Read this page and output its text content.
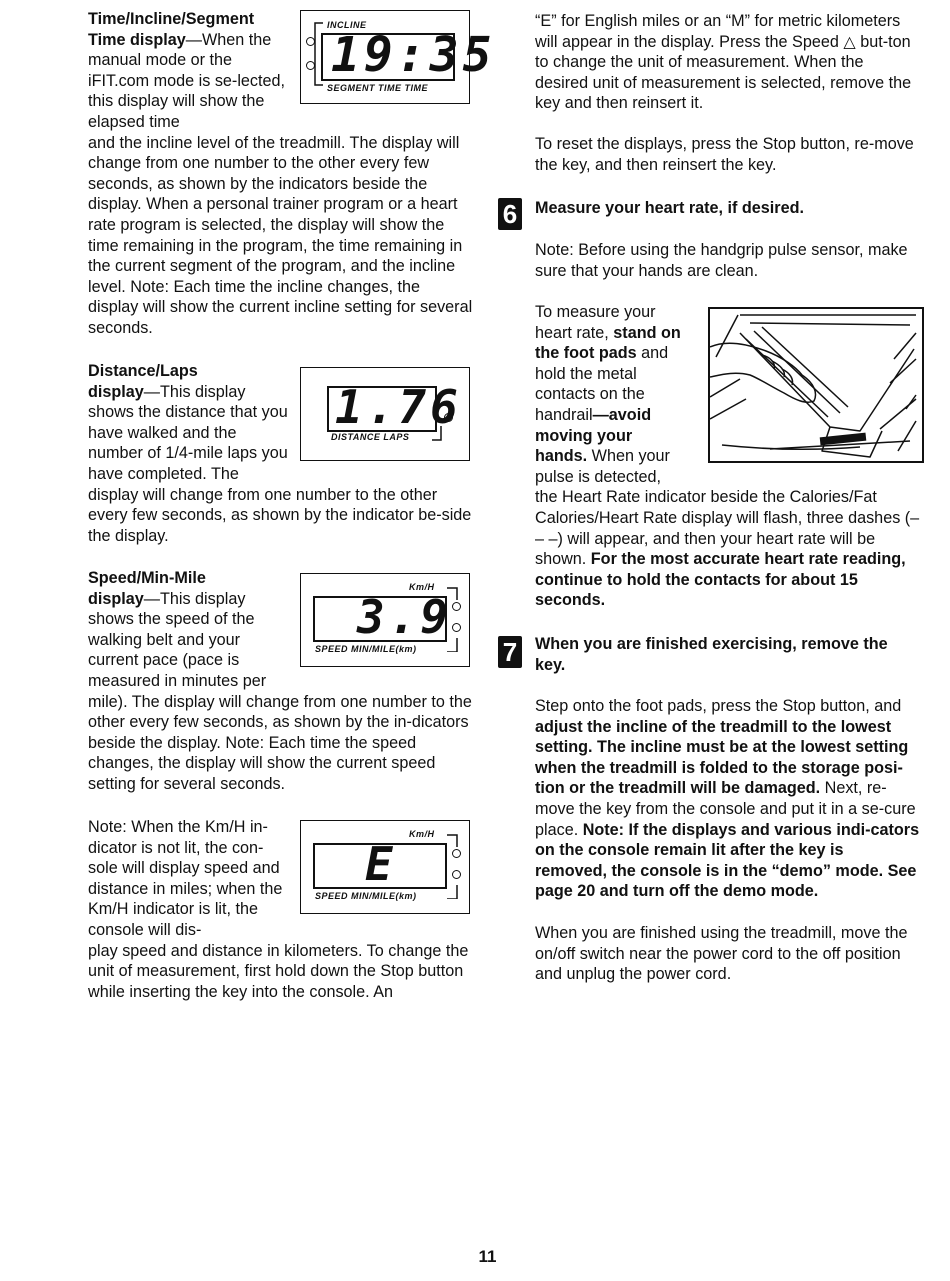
Time/Incline/Segment
Time display—When the manual mode or the iFIT.com mode is se-lected, this display will show the elapsed time
and the incline level of the treadmill. The display will change from one number to the other every few seconds, as shown by the indicators beside the display. When a personal trainer program or a heart rate program is selected, the display will show the time remaining in the program, the time remaining in the current segment of the program, and the incline level. Note: Each time the incline changes, the display will show the current incline setting for several seconds.
INCLINE
19:35
SEGMENT TIME TIME
Distance/Laps
display—This display shows the distance that you have walked and the number of 1/4-mile laps you have completed. The
display will change from one number to the other every few seconds, as shown by the indicator be-side the display.
1.76
DISTANCE LAPS
Speed/Min-Mile
display—This display shows the speed of the walking belt and your current pace (pace is measured in minutes per
mile). The display will change from one number to the other every few seconds, as shown by the in-dicators beside the display. Note: Each time the speed changes, the display will show the current speed setting for several seconds.
Km/H
3.9
SPEED MIN/MILE(km)
Note: When the Km/H in-dicator is not lit, the con-sole will display speed and distance in miles; when the Km/H indicator is lit, the console will dis-
play speed and distance in kilometers. To change the unit of measurement, first hold down the Stop button while inserting the key into the console. An
Km/H
E
SPEED MIN/MILE(km)
“E” for English miles or an “M” for metric kilometers will appear in the display. Press the Speed △ but-ton to change the unit of measurement. When the desired unit of measurement is selected, remove the key and then reinsert it.
To reset the displays, press the Stop button, re-move the key, and then reinsert the key.
6 Measure your heart rate, if desired.
Note: Before using the handgrip pulse sensor, make sure that your hands are clean.
To measure your heart rate, stand on the foot pads and hold the metal contacts on the handrail—avoid moving your hands. When your pulse is detected,
the Heart Rate indicator beside the Calories/Fat Calories/Heart Rate display will flash, three dashes (– – –) will appear, and then your heart rate will be shown. For the most accurate heart rate reading, continue to hold the contacts for about 15 seconds.
7 When you are finished exercising, remove the key.
Step onto the foot pads, press the Stop button, and adjust the incline of the treadmill to the lowest setting. The incline must be at the lowest setting when the treadmill is folded to the storage posi-tion or the treadmill will be damaged. Next, re-move the key from the console and put it in a se-cure place. Note: If the displays and various indi-cators on the console remain lit after the key is removed, the console is in the “demo” mode. See page 20 and turn off the demo mode.
When you are finished using the treadmill, move the on/off switch near the power cord to the off position and unplug the power cord.
11
